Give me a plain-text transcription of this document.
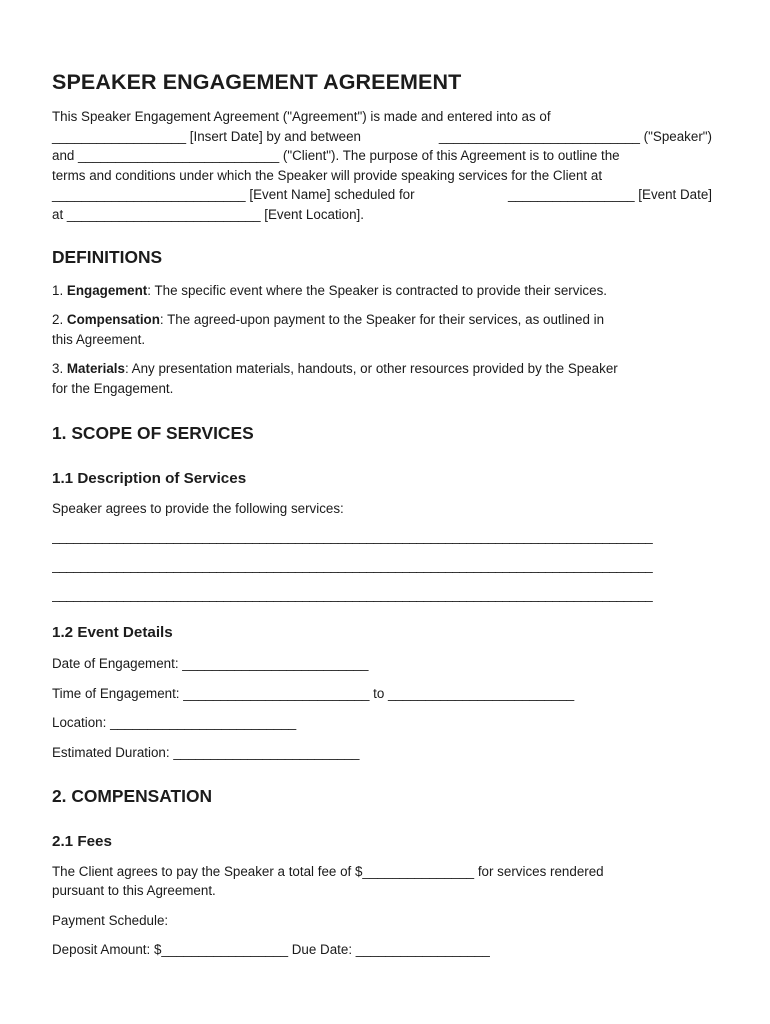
SPEAKER ENGAGEMENT AGREEMENT
This Speaker Engagement Agreement ("Agreement") is made and entered into as of
__________________ [Insert Date] by and between	___________________________ ("Speaker")
and ___________________________ ("Client"). The purpose of this Agreement is to outline the
terms and conditions under which the Speaker will provide speaking services for the Client at
__________________________ [Event Name] scheduled for	_________________ [Event Date]
at __________________________ [Event Location].
DEFINITIONS

1. Engagement: The specific event where the Speaker is contracted to provide their services.

2. Compensation: The agreed-upon payment to the Speaker for their services, as outlined in
this Agreement.

3. Materials: Any presentation materials, handouts, or other resources provided by the Speaker
for the Engagement.

1. SCOPE OF SERVICES
1.1 Description of Services

Speaker agrees to provide the following services:

____________________________________________________________________________________
____________________________________________________________________________________
____________________________________________________________________________________
1.2 Event Details

Date of Engagement: _________________________

Time of Engagement: _________________________ to _________________________

Location: _________________________

Estimated Duration: _________________________

2. COMPENSATION
2.1 Fees

The Client agrees to pay the Speaker a total fee of $_______________ for services rendered
pursuant to this Agreement.

Payment Schedule:

Deposit Amount: $_________________ Due Date: __________________
